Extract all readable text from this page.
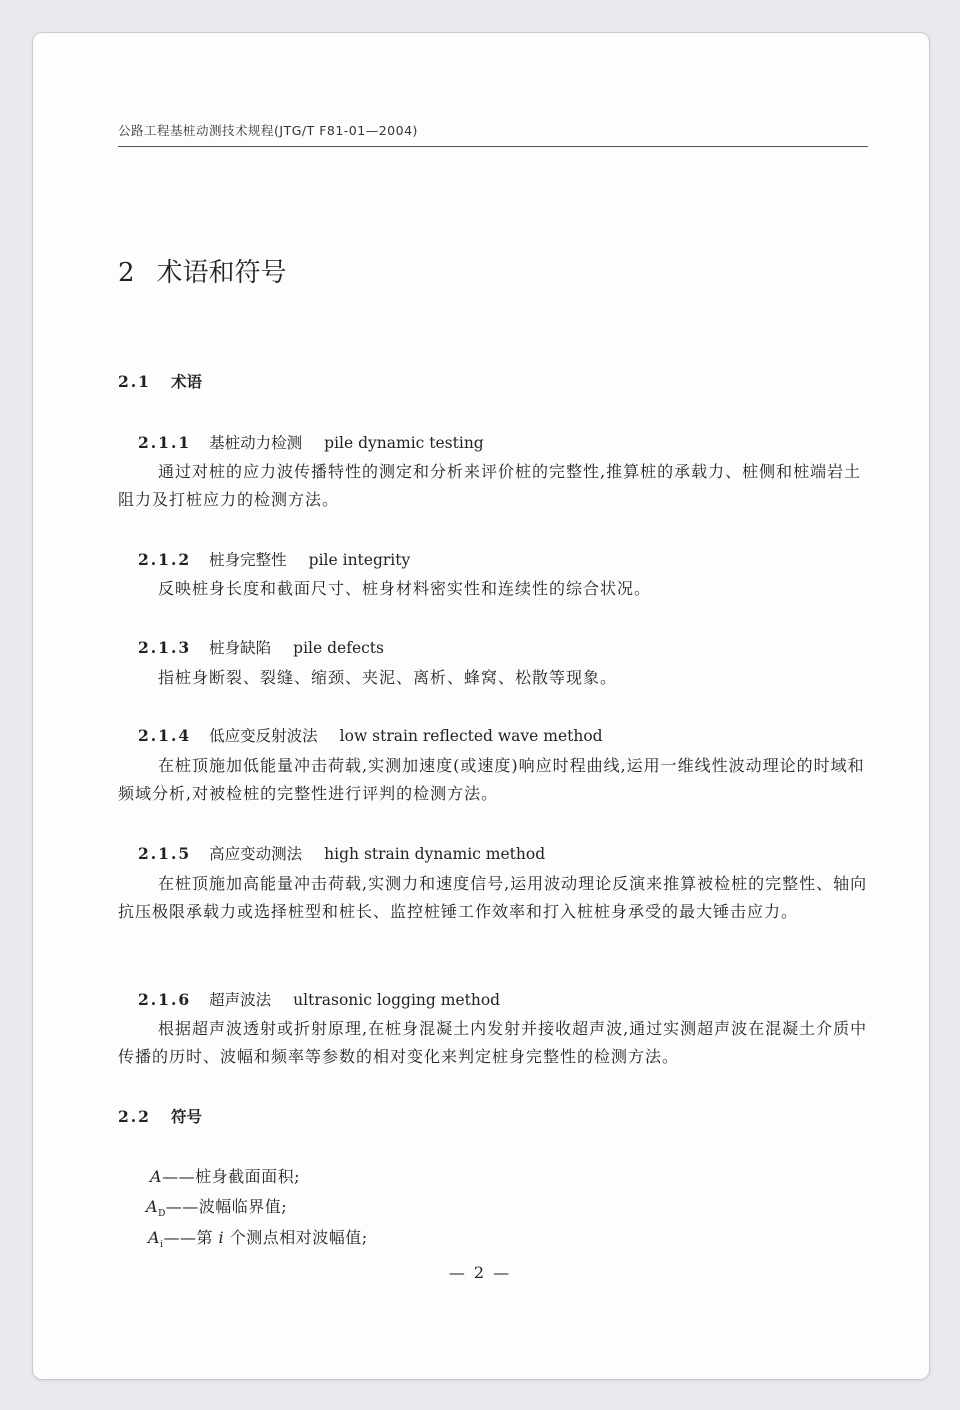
公路工程基桩动测技术规程(JTG/T F81-01—2004)
2 术语和符号
2.1 术语
2.1.1 基桩动力检测 pile dynamic testing
通过对桩的应力波传播特性的测定和分析来评价桩的完整性,推算桩的承载力、桩侧和桩端岩土阻力及打桩应力的检测方法。
2.1.2 桩身完整性 pile integrity
反映桩身长度和截面尺寸、桩身材料密实性和连续性的综合状况。
2.1.3 桩身缺陷 pile defects
指桩身断裂、裂缝、缩颈、夹泥、离析、蜂窝、松散等现象。
2.1.4 低应变反射波法 low strain reflected wave method
在桩顶施加低能量冲击荷载,实测加速度(或速度)响应时程曲线,运用一维线性波动理论的时域和频域分析,对被检桩的完整性进行评判的检测方法。
2.1.5 高应变动测法 high strain dynamic method
在桩顶施加高能量冲击荷载,实测力和速度信号,运用波动理论反演来推算被检桩的完整性、轴向抗压极限承载力或选择桩型和桩长、监控桩锤工作效率和打入桩桩身承受的最大锤击应力。
2.1.6 超声波法 ultrasonic logging method
根据超声波透射或折射原理,在桩身混凝土内发射并接收超声波,通过实测超声波在混凝土介质中传播的历时、波幅和频率等参数的相对变化来判定桩身完整性的检测方法。
2.2 符号
A——桩身截面面积;
$A_D——$波幅临界值;
$A_i——$第 i 个测点相对波幅值;
— 2 —
